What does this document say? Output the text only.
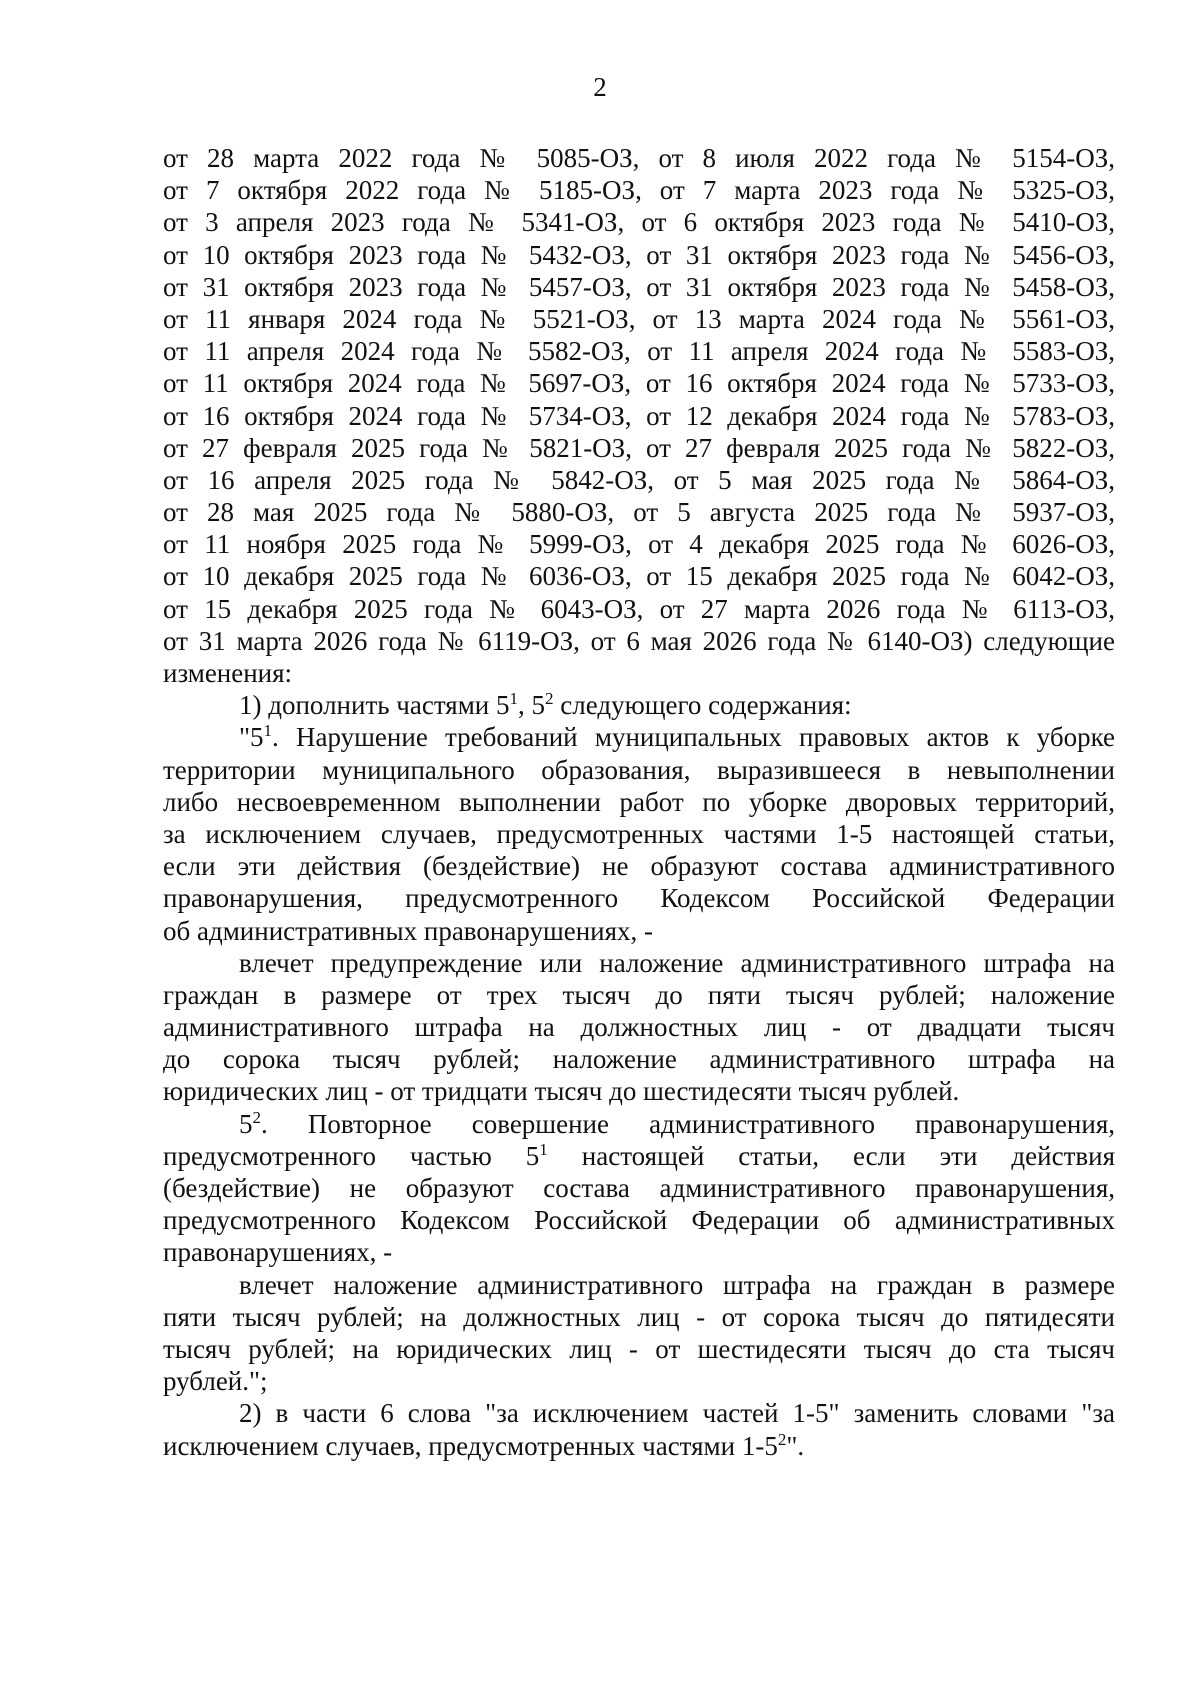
2
от 28 марта 2022 года № 5085-ОЗ, от 8 июля 2022 года № 5154-ОЗ,
от 7 октября 2022 года № 5185-ОЗ, от 7 марта 2023 года № 5325-ОЗ,
от 3 апреля 2023 года № 5341-ОЗ, от 6 октября 2023 года № 5410-ОЗ,
от 10 октября 2023 года № 5432-ОЗ, от 31 октября 2023 года № 5456-ОЗ,
от 31 октября 2023 года № 5457-ОЗ, от 31 октября 2023 года № 5458-ОЗ,
от 11 января 2024 года № 5521-ОЗ, от 13 марта 2024 года № 5561-ОЗ,
от 11 апреля 2024 года № 5582-ОЗ, от 11 апреля 2024 года № 5583-ОЗ,
от 11 октября 2024 года № 5697-ОЗ, от 16 октября 2024 года № 5733-ОЗ,
от 16 октября 2024 года № 5734-ОЗ, от 12 декабря 2024 года № 5783-ОЗ,
от 27 февраля 2025 года № 5821-ОЗ, от 27 февраля 2025 года № 5822-ОЗ,
от 16 апреля 2025 года № 5842-ОЗ, от 5 мая 2025 года № 5864-ОЗ,
от 28 мая 2025 года № 5880-ОЗ, от 5 августа 2025 года № 5937-ОЗ,
от 11 ноября 2025 года № 5999-ОЗ, от 4 декабря 2025 года № 6026-ОЗ,
от 10 декабря 2025 года № 6036-ОЗ, от 15 декабря 2025 года № 6042-ОЗ,
от 15 декабря 2025 года № 6043-ОЗ, от 27 марта 2026 года № 6113-ОЗ,
от 31 марта 2026 года № 6119-ОЗ, от 6 мая 2026 года № 6140-ОЗ) следующие
изменения:
1) дополнить частями $5^1$, $5^2$ следующего содержания:
"$5^1$. Нарушение требований муниципальных правовых актов к уборке
территории муниципального образования, выразившееся в невыполнении
либо несвоевременном выполнении работ по уборке дворовых территорий,
за исключением случаев, предусмотренных частями 1-5 настоящей статьи,
если эти действия (бездействие) не образуют состава административного
правонарушения, предусмотренного Кодексом Российской Федерации
об административных правонарушениях, -
влечет предупреждение или наложение административного штрафа на
граждан в размере от трех тысяч до пяти тысяч рублей; наложение
административного штрафа на должностных лиц - от двадцати тысяч
до сорока тысяч рублей; наложение административного штрафа на
юридических лиц - от тридцати тысяч до шестидесяти тысяч рублей.
$5^2$. Повторное совершение административного правонарушения,
предусмотренного частью $5^1$ настоящей статьи, если эти действия
(бездействие) не образуют состава административного правонарушения,
предусмотренного Кодексом Российской Федерации об административных
правонарушениях, -
влечет наложение административного штрафа на граждан в размере
пяти тысяч рублей; на должностных лиц - от сорока тысяч до пятидесяти
тысяч рублей; на юридических лиц - от шестидесяти тысяч до ста тысяч
рублей.";
2) в части 6 слова "за исключением частей 1-5" заменить словами "за
исключением случаев, предусмотренных частями $1-5^2$".
